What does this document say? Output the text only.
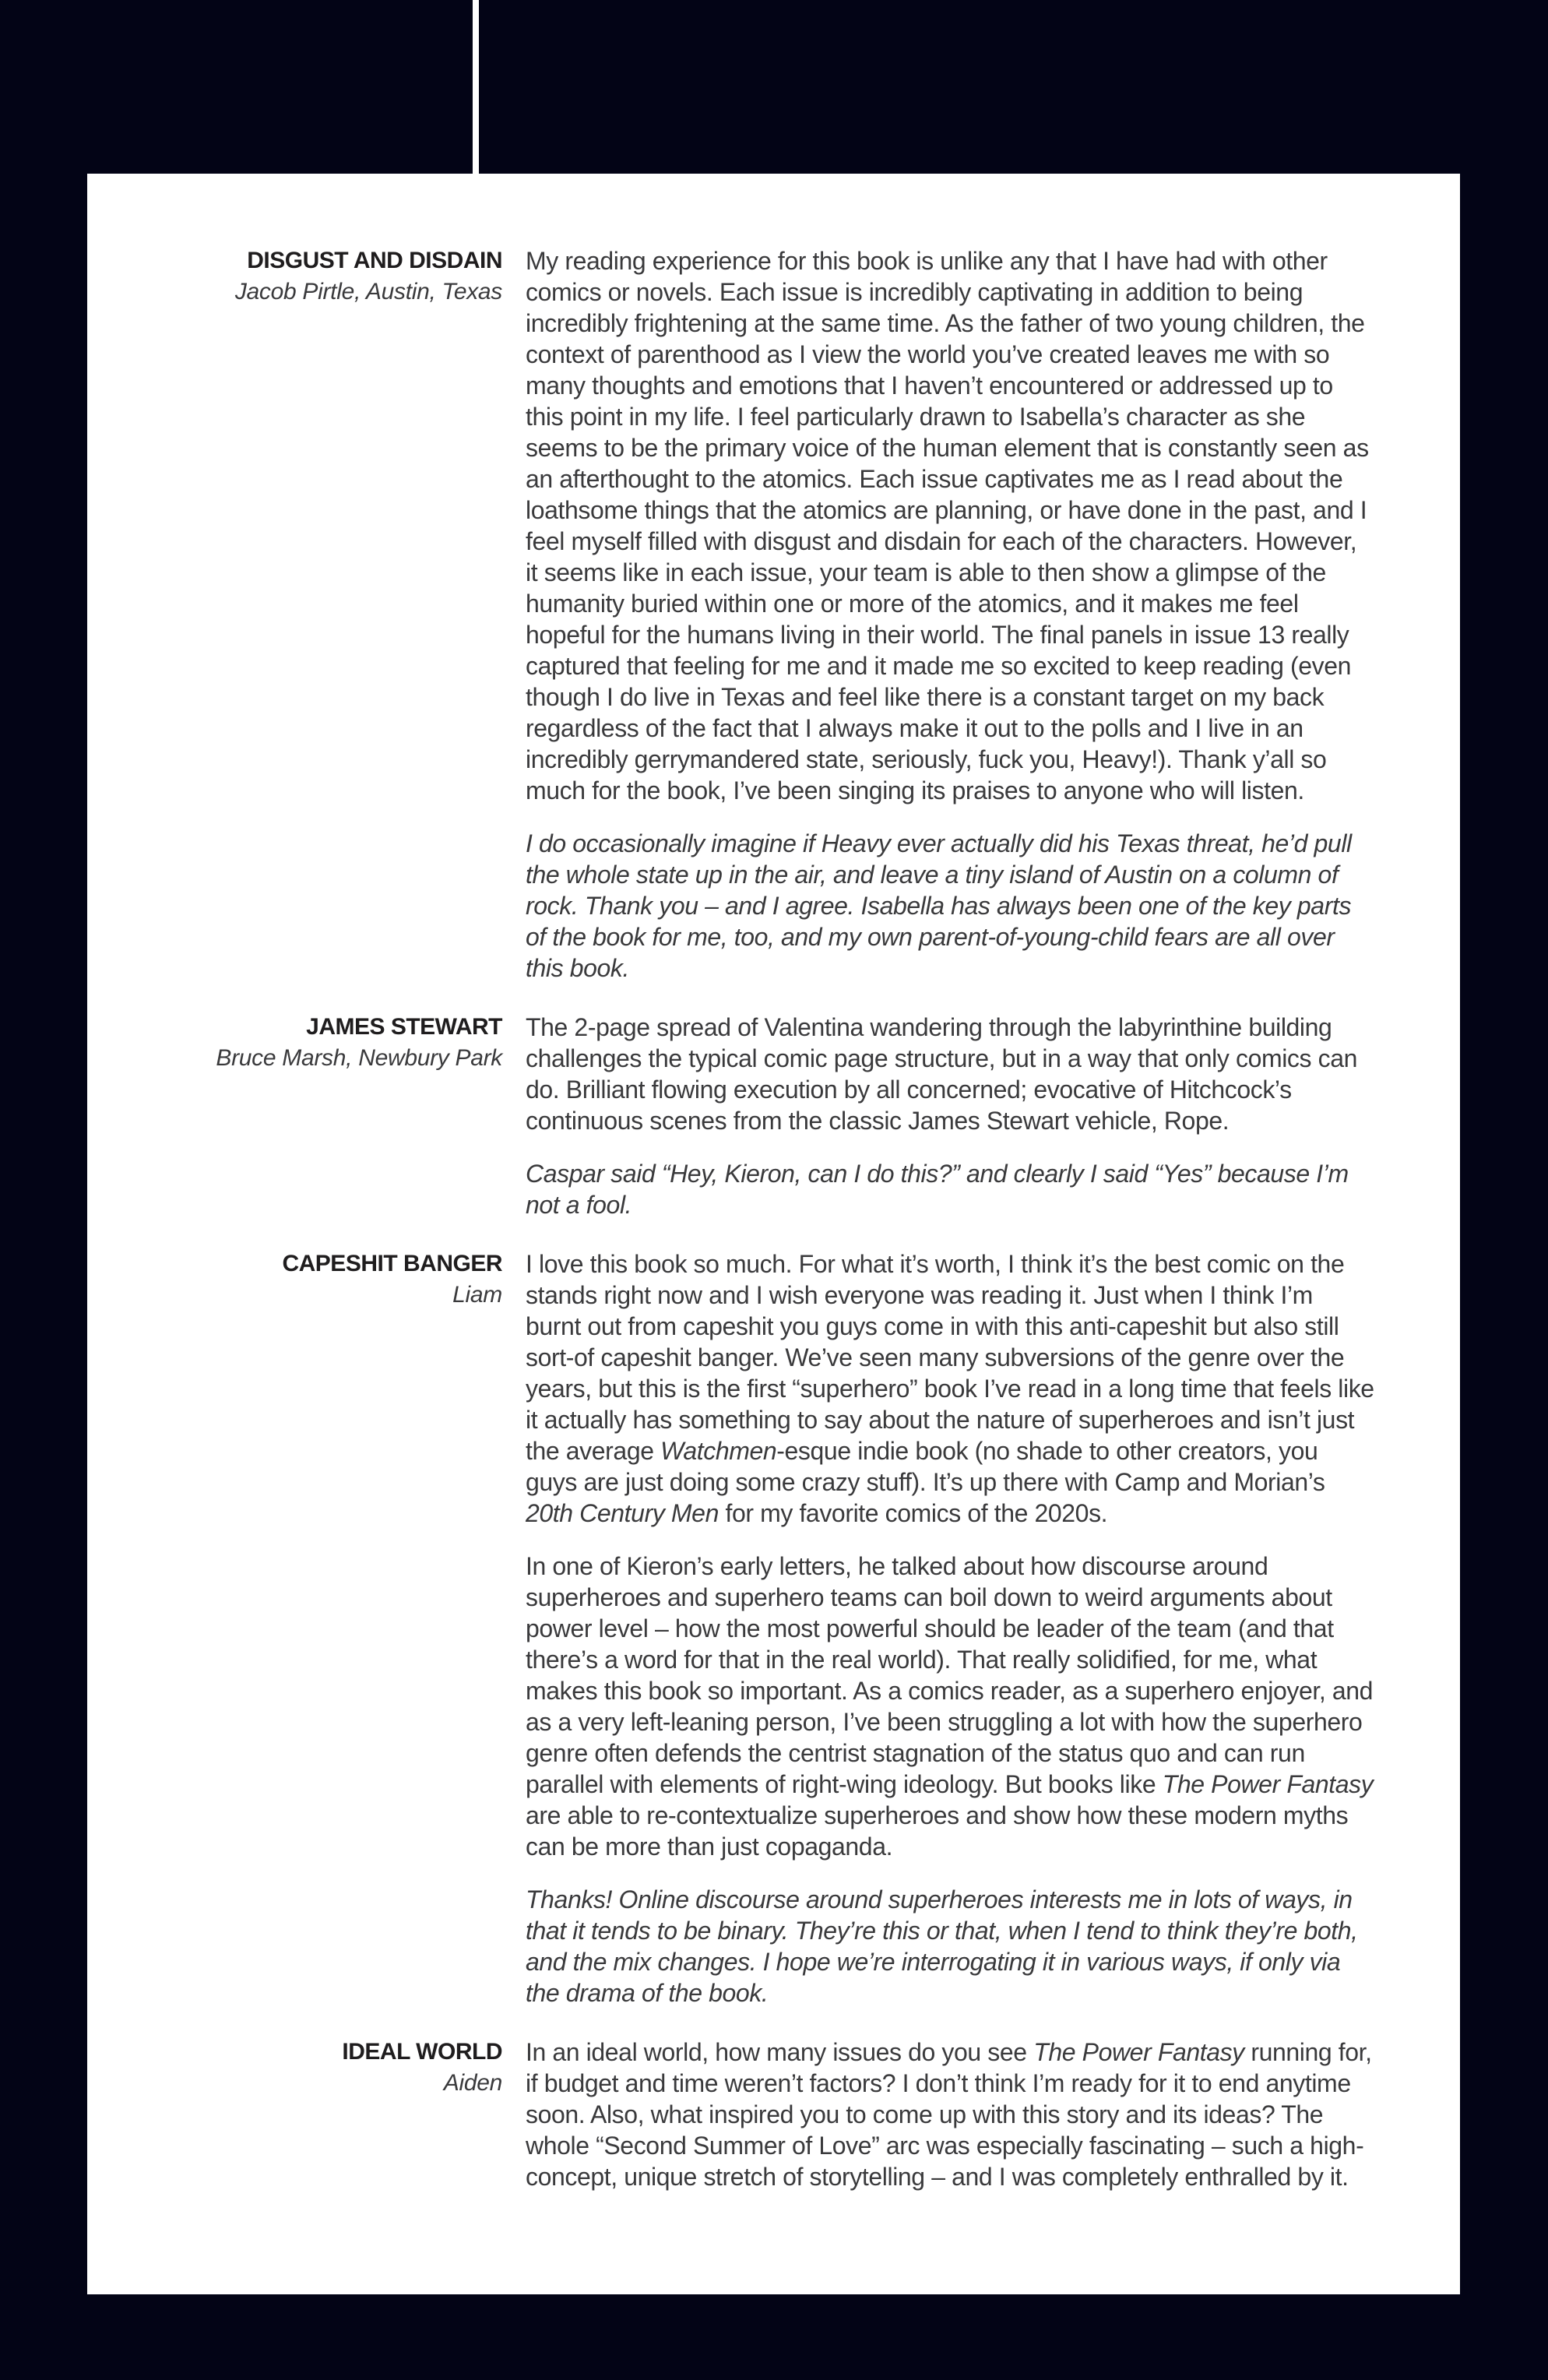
DISGUST AND DISDAIN

Jacob Pirtle, Austin, Texas

My reading experience for this book is unlike any that I have had with other comics or novels. Each issue is incredibly captivating in addition to being incredibly frightening at the same time. As the father of two young children, the context of parenthood as I view the world you’ve created leaves me with so many thoughts and emotions that I haven’t encountered or addressed up to this point in my life. I feel particularly drawn to Isabella’s character as she seems to be the primary voice of the human element that is constantly seen as an afterthought to the atomics. Each issue captivates me as I read about the loathsome things that the atomics are planning, or have done in the past, and I feel myself filled with disgust and disdain for each of the characters. However, it seems like in each issue, your team is able to then show a glimpse of the humanity buried within one or more of the atomics, and it makes me feel hopeful for the humans living in their world. The final panels in issue 13 really captured that feeling for me and it made me so excited to keep reading (even though I do live in Texas and feel like there is a constant target on my back regardless of the fact that I always make it out to the polls and I live in an incredibly gerrymandered state, seriously, fuck you, Heavy!). Thank y’all so much for the book, I’ve been singing its praises to anyone who will listen.

I do occasionally imagine if Heavy ever actually did his Texas threat, he’d pull the whole state up in the air, and leave a tiny island of Austin on a column of rock. Thank you – and I agree. Isabella has always been one of the key parts of the book for me, too, and my own parent-of-young-child fears are all over this book.

JAMES STEWART

Bruce Marsh, Newbury Park

The 2-page spread of Valentina wandering through the labyrinthine building challenges the typical comic page structure, but in a way that only comics can do. Brilliant flowing execution by all concerned; evocative of Hitchcock’s continuous scenes from the classic James Stewart vehicle, Rope.

Caspar said “Hey, Kieron, can I do this?” and clearly I said “Yes” because I’m not a fool.

CAPESHIT BANGER

Liam

I love this book so much. For what it’s worth, I think it’s the best comic on the stands right now and I wish everyone was reading it. Just when I think I’m burnt out from capeshit you guys come in with this anti-capeshit but also still sort-of capeshit banger. We’ve seen many subversions of the genre over the years, but this is the first “superhero” book I’ve read in a long time that feels like it actually has something to say about the nature of superheroes and isn’t just the average Watchmen-esque indie book (no shade to other creators, you guys are just doing some crazy stuff). It’s up there with Camp and Morian’s 20th Century Men for my favorite comics of the 2020s.

In one of Kieron’s early letters, he talked about how discourse around superheroes and superhero teams can boil down to weird arguments about power level – how the most powerful should be leader of the team (and that there’s a word for that in the real world). That really solidified, for me, what makes this book so important. As a comics reader, as a superhero enjoyer, and as a very left-leaning person, I’ve been struggling a lot with how the superhero genre often defends the centrist stagnation of the status quo and can run parallel with elements of right-wing ideology. But books like The Power Fantasy are able to re-contextualize superheroes and show how these modern myths can be more than just copaganda.

Thanks! Online discourse around superheroes interests me in lots of ways, in that it tends to be binary. They’re this or that, when I tend to think they’re both, and the mix changes. I hope we’re interrogating it in various ways, if only via the drama of the book.

IDEAL WORLD

Aiden

In an ideal world, how many issues do you see The Power Fantasy running for, if budget and time weren’t factors? I don’t think I’m ready for it to end anytime soon. Also, what inspired you to come up with this story and its ideas? The whole “Second Summer of Love” arc was especially fascinating – such a high-concept, unique stretch of storytelling – and I was completely enthralled by it.
